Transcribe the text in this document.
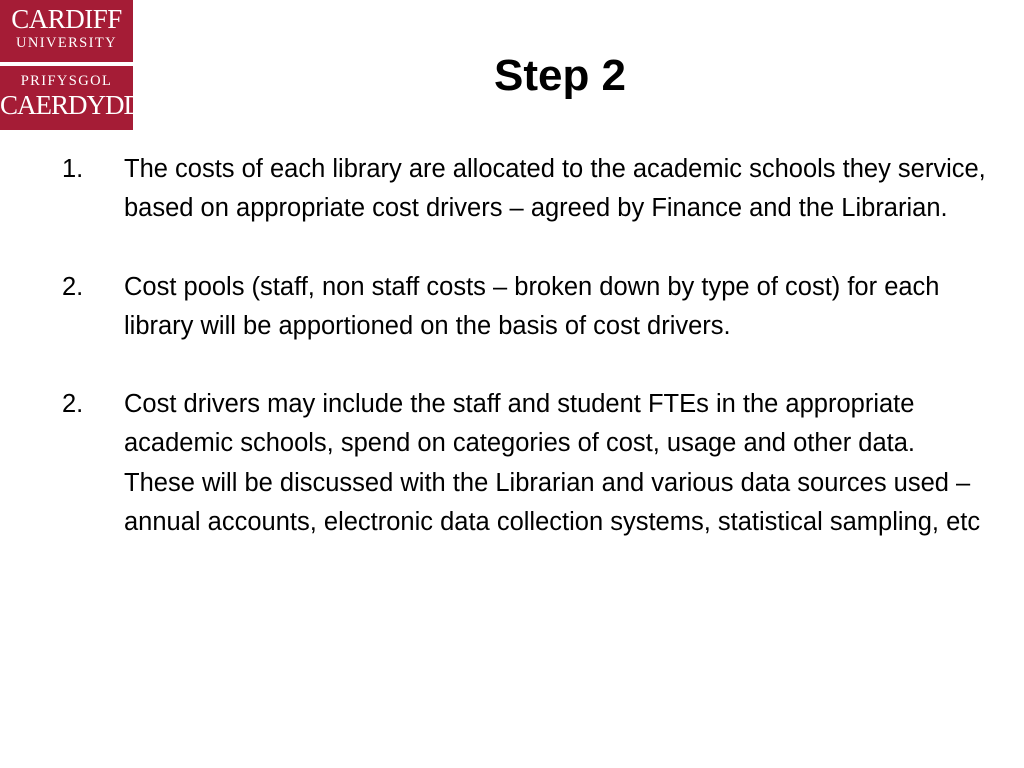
CARDIFF
UNIVERSITY
PRIFYSGOL
CAERDYDD
Step 2
1. The costs of each library are allocated to the academic schools they service, based on appropriate cost drivers – agreed by Finance and the Librarian.
2. Cost pools (staff, non staff costs – broken down by type of cost) for each library will be apportioned on the basis of cost drivers.
2. Cost drivers may include the staff and student FTEs in the appropriate academic schools, spend on categories of cost, usage and other data. These will be discussed with the Librarian and various data sources used – annual accounts, electronic data collection systems, statistical sampling, etc
